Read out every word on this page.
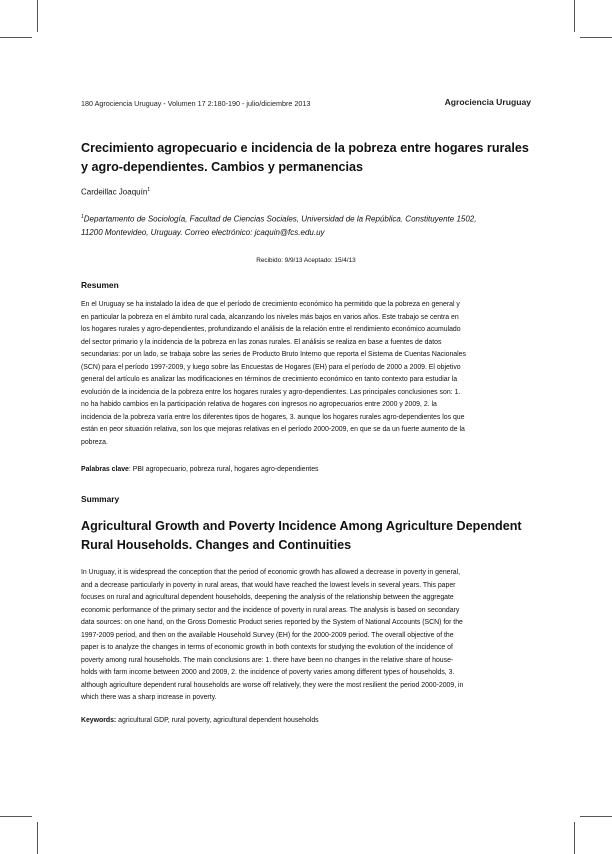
180 Agrociencia Uruguay - Volumen 17 2:180-190 - julio/diciembre 2013	Agrociencia Uruguay

Crecimiento agropecuario e incidencia de la pobreza entre hogares rurales

y agro-dependientes. Cambios y permanencias

Cardeillac Joaquín$^1$

$^1$Departamento de Sociología, Facultad de Ciencias Sociales, Universidad de la República. Constituyente 1502,

11200 Montevideo, Uruguay. Correo electrónico: jcaquin@fcs.edu.uy

Recibido: 9/9/13 Aceptado: 15/4/13
Resumen

En el Uruguay se ha instalado la idea de que el período de crecimiento económico ha permitido que la pobreza en general y

en particular la pobreza en el ámbito rural cada, alcanzando los niveles más bajos en varios años. Este trabajo se centra en

los hogares rurales y agro-dependientes, profundizando el análisis de la relación entre el rendimiento económico acumulado

del sector primario y la incidencia de la pobreza en las zonas rurales. El análisis se realiza en base a fuentes de datos

secundarias: por un lado, se trabaja sobre las series de Producto Bruto Interno que reporta el Sistema de Cuentas Nacionales

(SCN) para el período 1997-2009, y luego sobre las Encuestas de Hogares (EH) para el período de 2000 a 2009. El objetivo

general del artículo es analizar las modificaciones en términos de crecimiento económico en tanto contexto para estudiar la

evolución de la incidencia de la pobreza entre los hogares rurales y agro-dependientes. Las principales conclusiones son: 1.

no ha habido cambios en la participación relativa de hogares con ingresos no agropecuarios entre 2000 y 2009, 2. la

incidencia de la pobreza varía entre los diferentes tipos de hogares, 3. aunque los hogares rurales agro-dependientes los que

están en peor situación relativa, son los que mejoras relativas en el período 2000-2009, en que se da un fuerte aumento de la

pobreza.

Palabras clave: PBI agropecuario, pobreza rural, hogares agro-dependientes
Summary

Agricultural Growth and Poverty Incidence Among Agriculture Dependent

Rural Households. Changes and Continuities

In Uruguay, it is widespread the conception that the period of economic growth has allowed a decrease in poverty in general,

and a decrease particularly in poverty in rural areas, that would have reached the lowest levels in several years. This paper

focuses on rural and agricultural dependent households, deepening the analysis of the relationship between the aggregate

economic performance of the primary sector and the incidence of poverty in rural areas. The analysis is based on secondary

data sources: on one hand, on the Gross Domestic Product series reported by the System of National Accounts (SCN) for the

1997-2009 period, and then on the available Household Survey (EH) for the 2000-2009 period. The overall objective of the

paper is to analyze the changes in terms of economic growth in both contexts for studying the evolution of the incidence of

poverty among rural households. The main conclusions are: 1. there have been no changes in the relative share of house-

holds with farm income between 2000 and 2009, 2. the incidence of poverty varies among different types of households, 3.

although agriculture dependent rural households are worse off relatively, they were the most resilient the period 2000-2009, in

which there was a sharp increase in poverty.

Keywords: agricultural GDP, rural poverty, agricultural dependent households
